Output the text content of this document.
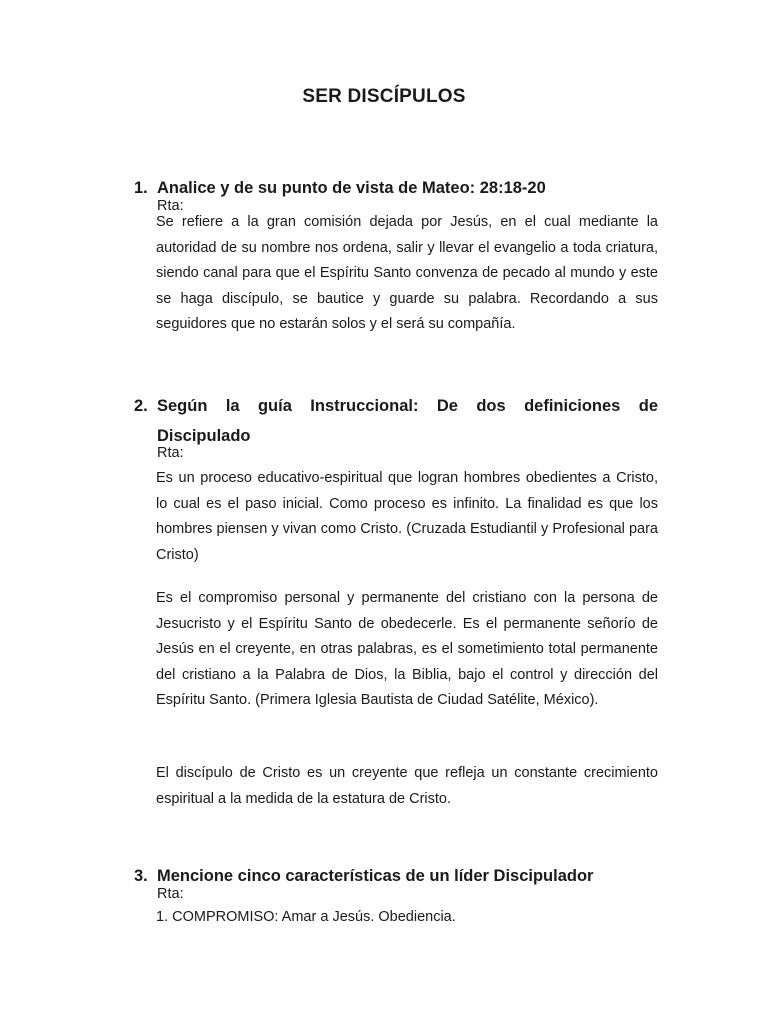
SER DISCÍPULOS
1. Analice y de su punto de vista de Mateo: 28:18-20
Rta:
Se refiere a la gran comisión dejada por Jesús, en el cual mediante la autoridad de su nombre nos ordena, salir y llevar el evangelio a toda criatura, siendo canal para que el Espíritu Santo convenza de pecado al mundo y este se haga discípulo, se bautice y guarde su palabra. Recordando a sus seguidores que no estarán solos y el será su compañía.
2. Según la guía Instruccional: De dos definiciones de
Discipulado
Rta:
Es un proceso educativo-espiritual que logran hombres obedientes a Cristo, lo cual es el paso inicial. Como proceso es infinito. La finalidad es que los hombres piensen y vivan como Cristo. (Cruzada Estudiantil y Profesional para Cristo)
Es el compromiso personal y permanente del cristiano con la persona de Jesucristo y el Espíritu Santo de obedecerle. Es el permanente señorío de Jesús en el creyente, en otras palabras, es el sometimiento total permanente del cristiano a la Palabra de Dios, la Biblia, bajo el control y dirección del Espíritu Santo. (Primera Iglesia Bautista de Ciudad Satélite, México).
El discípulo de Cristo es un creyente que refleja un constante crecimiento espiritual a la medida de la estatura de Cristo.
3. Mencione cinco características de un líder Discipulador
Rta:
1. COMPROMISO: Amar a Jesús. Obediencia.
